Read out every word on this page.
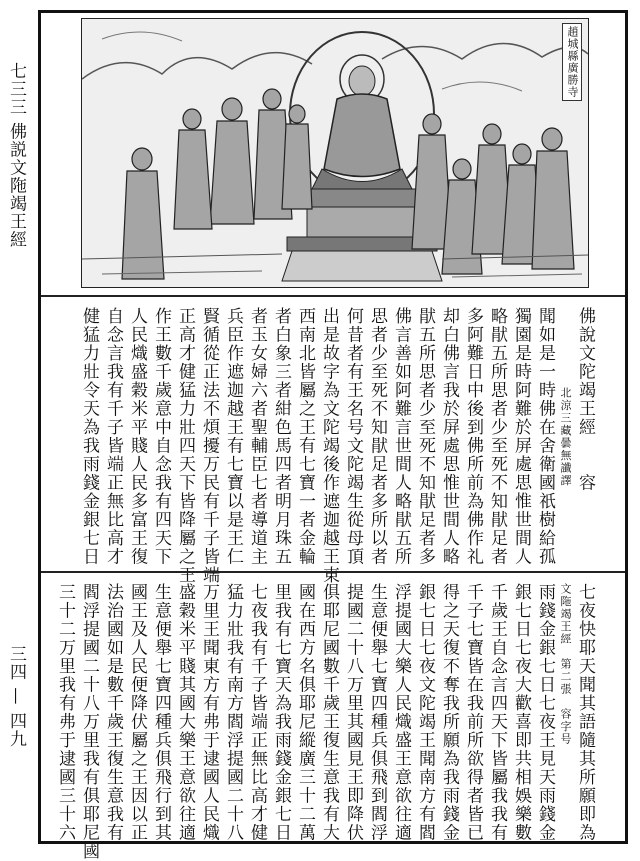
七三三 佛説文陁竭王經
三四 — 四九
趙城縣廣勝寺
佛說文陀竭王經　　容
北涼三藏曇無讖譯
聞如是一時佛在舍衛國祇樹給孤
獨園是時阿難於屏處思惟世間人
略猒五所思者少至死不知猒足者
多阿難日中後到佛所前為佛作礼
却白佛言我於屏處思惟世間人略
猒五所思者少至死不知猒足者多
佛言善如阿難言世間人略猒五所
思者少至死不知猒足者多所以者
何昔者有王名号文陀竭生從母頂
出是故字為文陀竭後作遮迦越王東
西南北皆屬之王有七寶一者金輪
者白象三者紺色馬四者明月珠五
者玉女婦六者聖輔臣七者導道主
兵臣作遮迦越王有七寶以是王仁
賢循從正法不煩擾万民有千子皆端
正高才健猛力壯四天下皆降屬之王
作王數千歲意中自念我有四天下
人民熾盛穀米平賤人民多富王復
自念言我有千子皆端正無比高才
健猛力壯令天為我雨錢金銀七日
七夜快耶天聞其語隨其所願即為
文陁竭王經　第二張　容字号
雨錢金銀七日七夜王見天雨錢金
銀七日七夜大歡喜即共相娛樂數
千歲王自念言四天下皆屬我我有
千子七寶皆在我前所欲得者皆已
得之天復不奪我所願為我雨錢金
銀七日七夜文陀竭王聞南方有閻
浮提國大樂人民熾盛王意欲往適
生意便舉七寶四種兵俱飛到閻浮
提國二十八万里其國見王即降伏
俱耶尼國數千歲王復生意我有大
國在西方名俱耶尼縱廣三十二萬
里我有七寶天為我雨錢金銀七日
七夜我有千子皆端正無比高才健
猛力壯我有南方閻浮提國二十八
万里王聞東方有弗于逮國人民熾
盛穀米平賤其國大樂王意欲往適
生意便舉七寶四種兵俱飛行到其
國王及人民便降伏屬之王因以正
法治國如是數千歲王復生意我有
閻浮提國二十八万里我有俱耶尼國
三十二万里我有弗于逮國三十六
